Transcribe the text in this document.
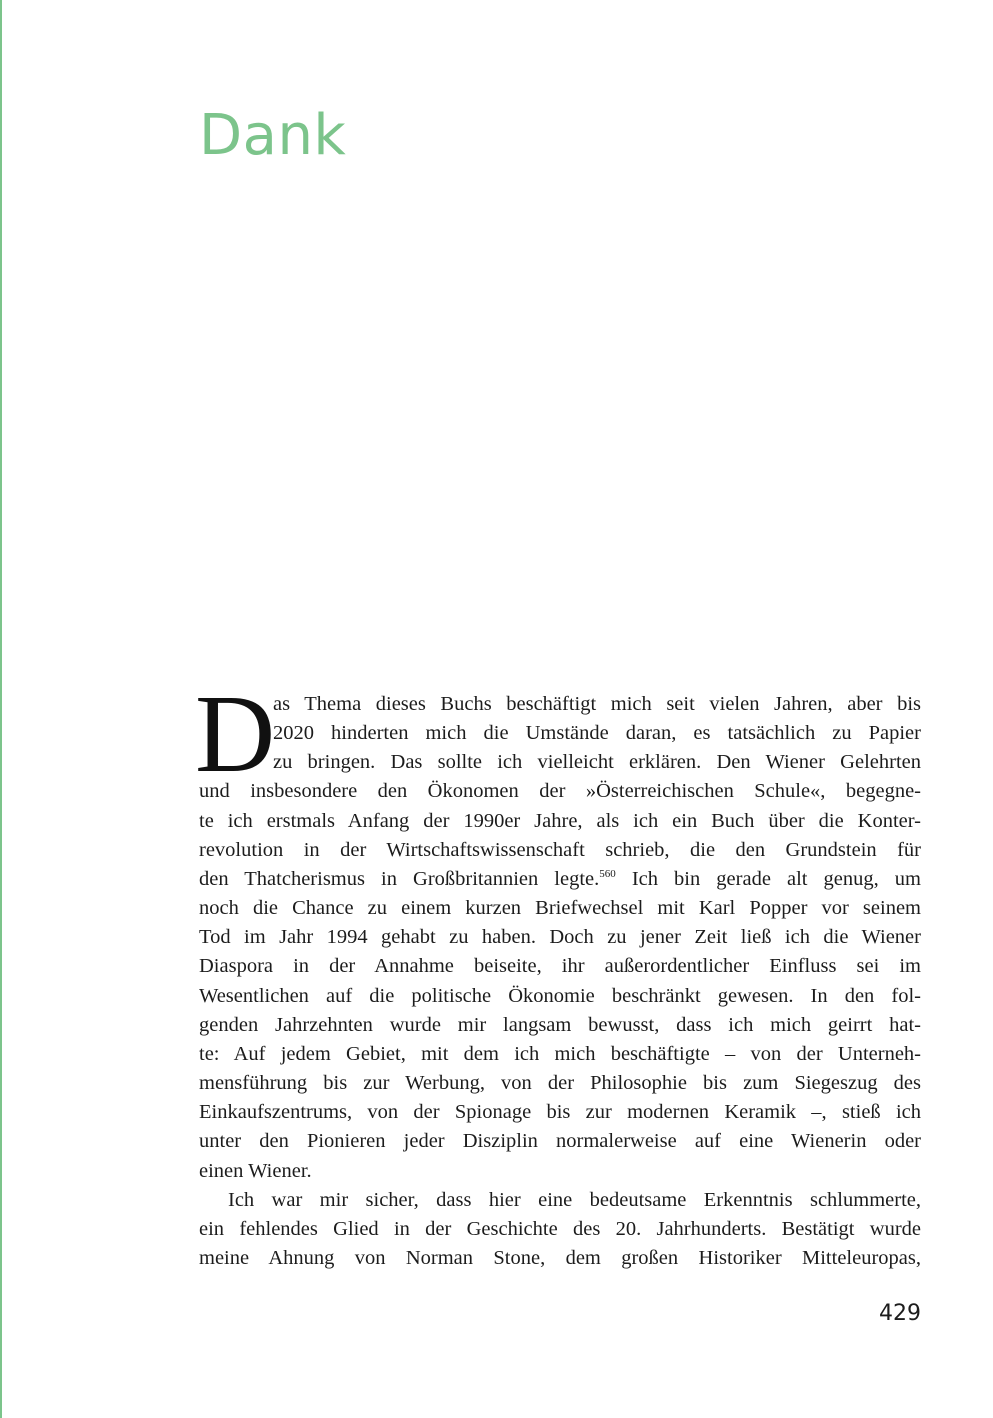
Dank

D
as Thema dieses Buchs beschäftigt mich seit vielen Jahren, aber bis
2020 hinderten mich die Umstände daran, es tatsächlich zu Papier
zu bringen. Das sollte ich vielleicht erklären. Den Wiener Gelehrten
und insbesondere den Ökonomen der »Österreichischen Schule«, begegne-
te ich erstmals Anfang der 1990er Jahre, als ich ein Buch über die Konter-
revolution in der Wirtschaftswissenschaft schrieb, die den Grundstein für
den Thatcherismus in Großbritannien legte.$^{560}$ Ich bin gerade alt genug, um
noch die Chance zu einem kurzen Briefwechsel mit Karl Popper vor seinem
Tod im Jahr 1994 gehabt zu haben. Doch zu jener Zeit ließ ich die Wiener
Diaspora in der Annahme beiseite, ihr außerordentlicher Einfluss sei im
Wesentlichen auf die politische Ökonomie beschränkt gewesen. In den fol-
genden Jahrzehnten wurde mir langsam bewusst, dass ich mich geirrt hat-
te: Auf jedem Gebiet, mit dem ich mich beschäftigte – von der Unterneh-
mensführung bis zur Werbung, von der Philosophie bis zum Siegeszug des
Einkaufszentrums, von der Spionage bis zur modernen Keramik –, stieß ich
unter den Pionieren jeder Disziplin normalerweise auf eine Wienerin oder
einen Wiener.

Ich war mir sicher, dass hier eine bedeutsame Erkenntnis schlummerte,
ein fehlendes Glied in der Geschichte des 20. Jahrhunderts. Bestätigt wurde
meine Ahnung von Norman Stone, dem großen Historiker Mitteleuropas,

429
